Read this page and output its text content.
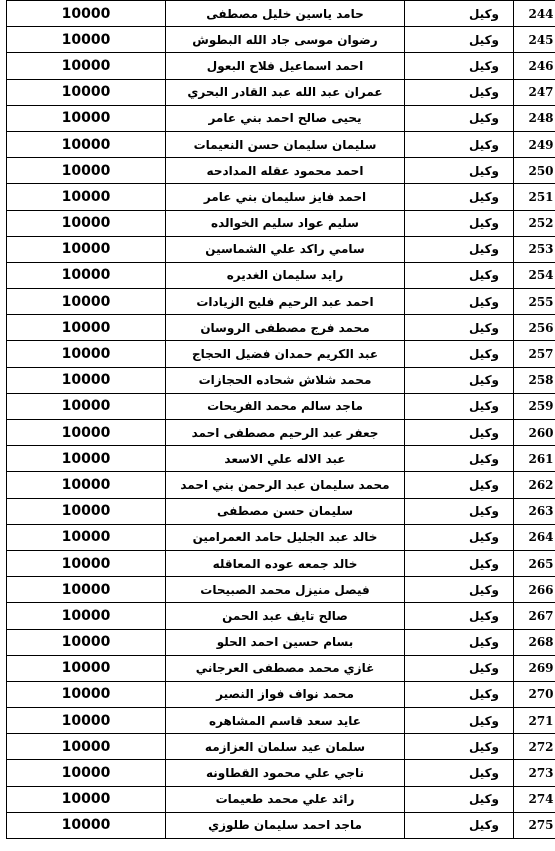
10000	حامد ياسين خليل مصطفى	وكيل	244
10000	رضوان موسى جاد الله البطوش	وكيل	245
10000	احمد اسماعيل فلاح البعول	وكيل	246
10000	عمران عبد الله عبد القادر البحري	وكيل	247
10000	يحيى صالح احمد بني عامر	وكيل	248
10000	سليمان سليمان حسن النعيمات	وكيل	249
10000	احمد محمود عقله المدادحه	وكيل	250
10000	احمد فايز سليمان بني عامر	وكيل	251
10000	سليم عواد سليم الخوالده	وكيل	252
10000	سامي راكد علي الشماسين	وكيل	253
10000	رايد سليمان الغديره	وكيل	254
10000	احمد عبد الرحيم فليح الزيادات	وكيل	255
10000	محمد فرج مصطفى الروسان	وكيل	256
10000	عبد الكريم حمدان فضيل الحجاج	وكيل	257
10000	محمد شلاش شحاده الحجازات	وكيل	258
10000	ماجد سالم محمد الفريحات	وكيل	259
10000	جعفر عبد الرحيم مصطفى احمد	وكيل	260
10000	عبد الاله علي الاسعد	وكيل	261
10000	محمد سليمان عبد الرحمن بني احمد	وكيل	262
10000	سليمان حسن مصطفى	وكيل	263
10000	خالد عبد الجليل حامد العمرامين	وكيل	264
10000	خالد جمعه عوده المعاقله	وكيل	265
10000	فيصل منيزل محمد الصبيحات	وكيل	266
10000	صالح تايف عبد الحمن	وكيل	267
10000	بسام حسين احمد الحلو	وكيل	268
10000	غازي محمد مصطفى العرجاني	وكيل	269
10000	محمد نواف فواز النصير	وكيل	270
10000	عايد سعد قاسم المشاهره	وكيل	271
10000	سلمان عيد سلمان العزازمه	وكيل	272
10000	ناجي علي محمود القطاونه	وكيل	273
10000	رائد علي محمد طعيمات	وكيل	274
10000	ماجد احمد سليمان طلوزي	وكيل	275
